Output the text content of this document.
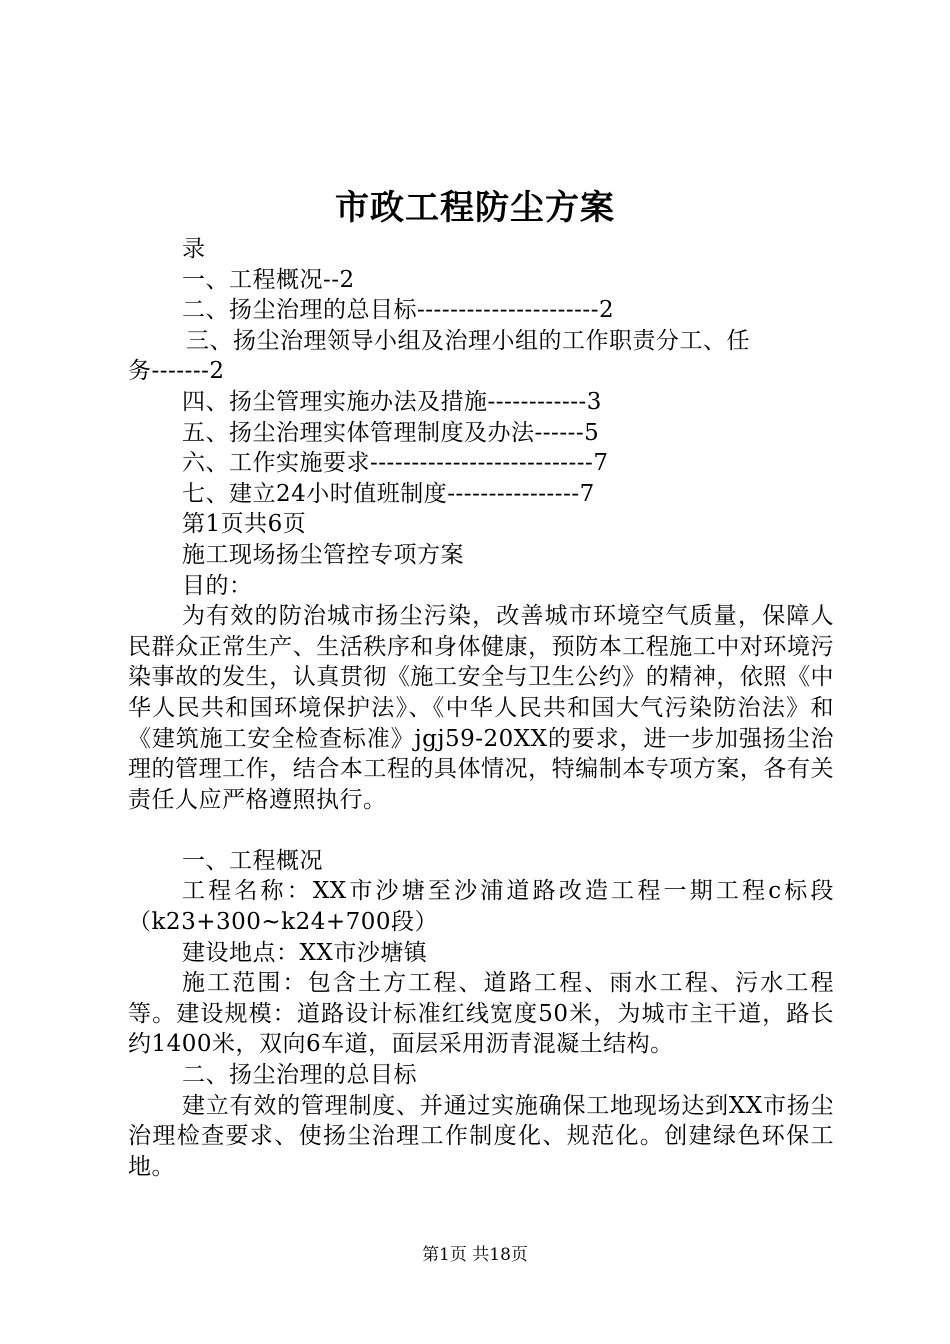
市政工程防尘方案
录
一、工程概况--2
二、扬尘治理的总目标----------------------2
三、扬尘治理领导小组及治理小组的工作职责分工、任
务-------2
四、扬尘管理实施办法及措施------------3
五、扬尘治理实体管理制度及办法------5
六、工作实施要求---------------------------7
七、建立24小时值班制度----------------7
第1页共6页
施工现场扬尘管控专项方案
目的：
为有效的防治城市扬尘污染，改善城市环境空气质量，保障人民群众正常生产、生活秩序和身体健康，预防本工程施工中对环境污染事故的发生，认真贯彻《施工安全与卫生公约》的精神，依照《中华人民共和国环境保护法》、《中华人民共和国大气污染防治法》和《建筑施工安全检查标准》jgj59-20XX的要求，进一步加强扬尘治理的管理工作，结合本工程的具体情况，特编制本专项方案，各有关责任人应严格遵照执行。
一、工程概况
工程名称：XX市沙塘至沙浦道路改造工程一期工程c标段（k23+300~k24+700段）
建设地点：XX市沙塘镇
施工范围：包含土方工程、道路工程、雨水工程、污水工程等。建设规模：道路设计标准红线宽度50米，为城市主干道，路长约1400米，双向6车道，面层采用沥青混凝土结构。
二、扬尘治理的总目标
建立有效的管理制度、并通过实施确保工地现场达到XX市扬尘治理检查要求、使扬尘治理工作制度化、规范化。创建绿色环保工地。
第1页 共18页
